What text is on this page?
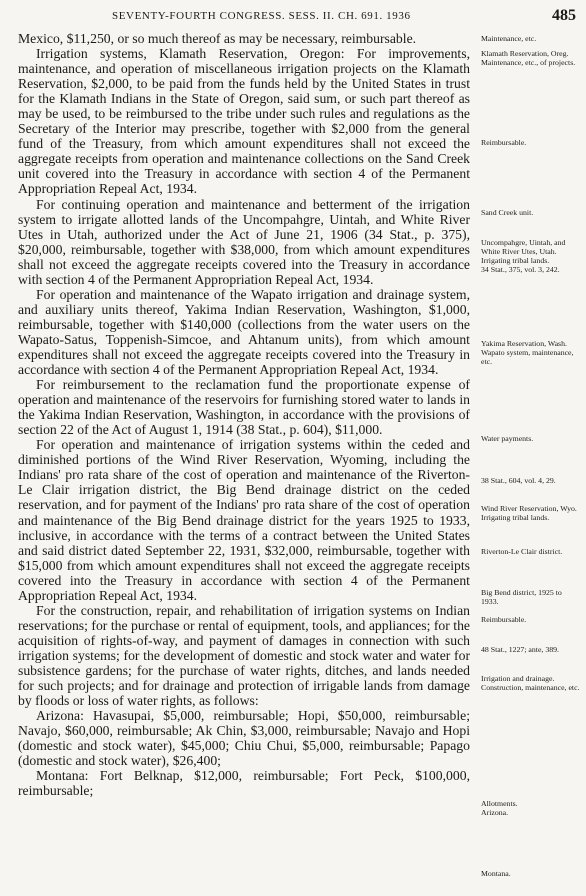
SEVENTY-FOURTH CONGRESS. SESS. II. CH. 691. 1936	485

Mexico, $11,250, or so much thereof as may be necessary, reimbursable.

Irrigation systems, Klamath Reservation, Oregon: For improvements, maintenance, and operation of miscellaneous irrigation projects on the Klamath Reservation, $2,000, to be paid from the funds held by the United States in trust for the Klamath Indians in the State of Oregon, said sum, or such part thereof as may be used, to be reimbursed to the tribe under such rules and regulations as the Secretary of the Interior may prescribe, together with $2,000 from the general fund of the Treasury, from which amount expenditures shall not exceed the aggregate receipts from operation and maintenance collections on the Sand Creek unit covered into the Treasury in accordance with section 4 of the Permanent Appropriation Repeal Act, 1934.

For continuing operation and maintenance and betterment of the irrigation system to irrigate allotted lands of the Uncompahgre, Uintah, and White River Utes in Utah, authorized under the Act of June 21, 1906 (34 Stat., p. 375), $20,000, reimbursable, together with $38,000, from which amount expenditures shall not exceed the aggregate receipts covered into the Treasury in accordance with section 4 of the Permanent Appropriation Repeal Act, 1934.

For operation and maintenance of the Wapato irrigation and drainage system, and auxiliary units thereof, Yakima Indian Reservation, Washington, $1,000, reimbursable, together with $140,000 (collections from the water users on the Wapato-Satus, Toppenish-Simcoe, and Ahtanum units), from which amount expenditures shall not exceed the aggregate receipts covered into the Treasury in accordance with section 4 of the Permanent Appropriation Repeal Act, 1934.

For reimbursement to the reclamation fund the proportionate expense of operation and maintenance of the reservoirs for furnishing stored water to lands in the Yakima Indian Reservation, Washington, in accordance with the provisions of section 22 of the Act of August 1, 1914 (38 Stat., p. 604), $11,000.

For operation and maintenance of irrigation systems within the ceded and diminished portions of the Wind River Reservation, Wyoming, including the Indians' pro rata share of the cost of operation and maintenance of the Riverton-Le Clair irrigation district, the Big Bend drainage district on the ceded reservation, and for payment of the Indians' pro rata share of the cost of operation and maintenance of the Big Bend drainage district for the years 1925 to 1933, inclusive, in accordance with the terms of a contract between the United States and said district dated September 22, 1931, $32,000, reimbursable, together with $15,000 from which amount expenditures shall not exceed the aggregate receipts covered into the Treasury in accordance with section 4 of the Permanent Appropriation Repeal Act, 1934.

For the construction, repair, and rehabilitation of irrigation systems on Indian reservations; for the purchase or rental of equipment, tools, and appliances; for the acquisition of rights-of-way, and payment of damages in connection with such irrigation systems; for the development of domestic and stock water and water for subsistence gardens; for the purchase of water rights, ditches, and lands needed for such projects; and for drainage and protection of irrigable lands from damage by floods or loss of water rights, as follows:

Arizona: Havasupai, $5,000, reimbursable; Hopi, $50,000, reimbursable; Navajo, $60,000, reimbursable; Ak Chin, $3,000, reimbursable; Navajo and Hopi (domestic and stock water), $45,000; Chiu Chui, $5,000, reimbursable; Papago (domestic and stock water), $26,400;

Montana: Fort Belknap, $12,000, reimbursable; Fort Peck, $100,000, reimbursable;

Maintenance, etc.
Klamath Reservation, Oreg.
Maintenance, etc., of projects.
Reimbursable.
Sand Creek unit.
Uncompahgre, Uintah, and White River Utes, Utah.
Irrigating tribal lands.
34 Stat., 375, vol. 3, 242.
Yakima Reservation, Wash.
Wapato system, maintenance, etc.
Water payments.
38 Stat., 604, vol. 4, 29.
Wind River Reservation, Wyo.
Irrigating tribal lands.
Riverton-Le Clair district.
Big Bend district, 1925 to 1933.
Reimbursable.
48 Stat., 1227; ante, 389.
Irrigation and drainage.
Construction, maintenance, etc.
Allotments.
Arizona.
Montana.
